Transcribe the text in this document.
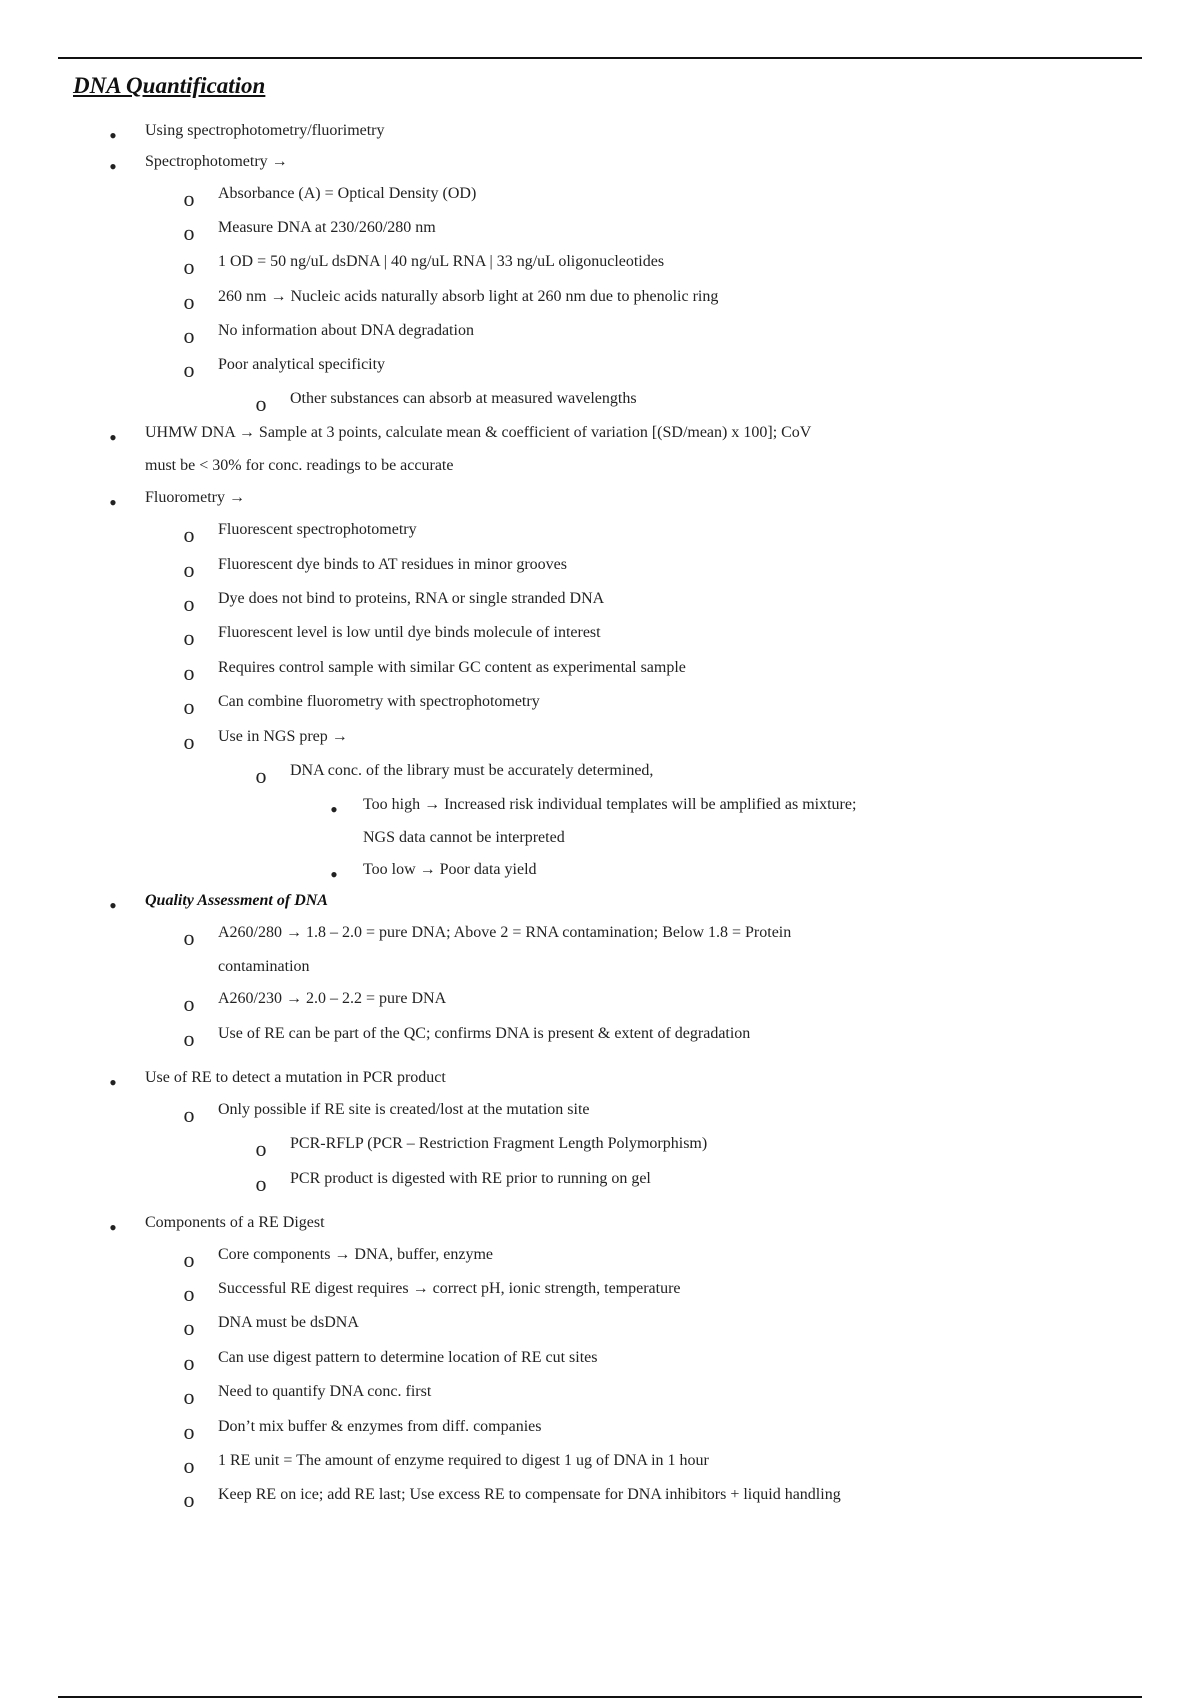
DNA Quantification
•	Using spectrophotometry/fluorimetry
•	Spectrophotometry →
o Absorbance (A) = Optical Density (OD)
o Measure DNA at 230/260/280 nm
o 1 OD = 50 ng/uL dsDNA | 40 ng/uL RNA | 33 ng/uL oligonucleotides
o 260 nm → Nucleic acids naturally absorb light at 260 nm due to phenolic ring
o No information about DNA degradation
o Poor analytical specificity
o Other substances can absorb at measured wavelengths
•	UHMW DNA → Sample at 3 points, calculate mean & coefficient of variation [(SD/mean) x 100]; CoV
must be < 30% for conc. readings to be accurate
•	Fluorometry →
o Fluorescent spectrophotometry
o Fluorescent dye binds to AT residues in minor grooves
o Dye does not bind to proteins, RNA or single stranded DNA
o Fluorescent level is low until dye binds molecule of interest
o Requires control sample with similar GC content as experimental sample
o Can combine fluorometry with spectrophotometry
o Use in NGS prep →
o DNA conc. of the library must be accurately determined,
•	Too high → Increased risk individual templates will be amplified as mixture;
NGS data cannot be interpreted
•	Too low → Poor data yield
•	Quality Assessment of DNA
o A260/280 → 1.8 – 2.0 = pure DNA; Above 2 = RNA contamination; Below 1.8 = Protein
contamination
o A260/230 → 2.0 – 2.2 = pure DNA
o Use of RE can be part of the QC; confirms DNA is present & extent of degradation
•	Use of RE to detect a mutation in PCR product
o Only possible if RE site is created/lost at the mutation site
o PCR-RFLP (PCR – Restriction Fragment Length Polymorphism)
o PCR product is digested with RE prior to running on gel
•	Components of a RE Digest
o Core components → DNA, buffer, enzyme
o Successful RE digest requires → correct pH, ionic strength, temperature
o DNA must be dsDNA
o Can use digest pattern to determine location of RE cut sites
o Need to quantify DNA conc. first
o Don’t mix buffer & enzymes from diff. companies
o 1 RE unit = The amount of enzyme required to digest 1 ug of DNA in 1 hour
o Keep RE on ice; add RE last; Use excess RE to compensate for DNA inhibitors + liquid handling
